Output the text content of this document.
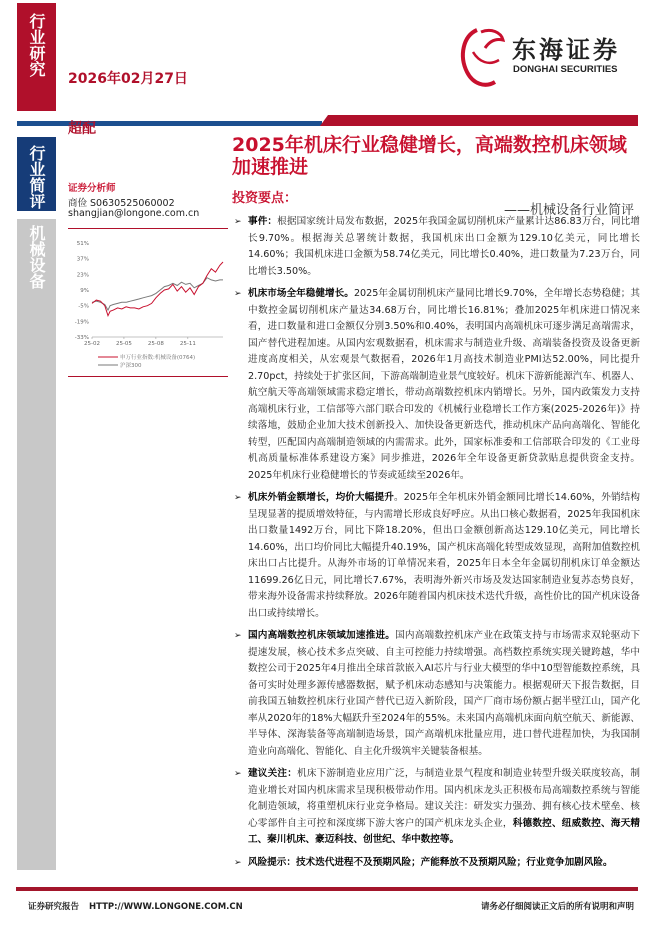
行业研究
行业简评
机械设备
2026年02月27日
东海证券
DONGHAI SECURITIES
超配
2025年机床行业稳健增长，高端数控机床领域加速推进
——机械设备行业简评
证券分析师
商俭 S0630525060002
shangjian@longone.com.cn
51%
37%
23%
9%
-5%
-19%
-33%
25-02	25-05	25-08	25-11
申万行业指数:机械设备(0764)
沪深300
投资要点：
➢ 事件：根据国家统计局发布数据，2025年我国金属切削机床产量累计达86.83万台，同比增长9.70%。根据海关总署统计数据，我国机床出口金额为129.10亿美元，同比增长14.60%；我国机床进口金额为58.74亿美元，同比增长0.40%，进口数量为7.23万台，同比增长3.50%。

➢ 机床市场全年稳健增长。2025年金属切削机床产量同比增长9.70%，全年增长态势稳健；其中数控金属切削机床产量达34.68万台，同比增长16.81%；叠加2025年机床进口情况来看，进口数量和进口金额仅分别3.50%和0.40%，表明国内高端机床可逐步满足高端需求，国产替代进程加速。从国内宏观数据看，机床需求与制造业升级、高端装备投资及设备更新进度高度相关，从宏观景气数据看，2026年1月高技术制造业PMI达52.00%，同比提升2.70pct，持续处于扩张区间，下游高端制造业景气度较好。机床下游新能源汽车、机器人、航空航天等高端领域需求稳定增长，带动高端数控机床内销增长。另外，国内政策发力支持高端机床行业，工信部等六部门联合印发的《机械行业稳增长工作方案(2025-2026年)》持续落地，鼓励企业加大技术创新投入、加快设备更新迭代，推动机床产品向高端化、智能化转型，匹配国内高端制造领域的内需需求。此外，国家标准委和工信部联合印发的《工业母机高质量标准体系建设方案》同步推进，2026年全年设备更新贷款贴息提供资金支持。2025年机床行业稳健增长的节奏或延续至2026年。

➢ 机床外销金额增长，均价大幅提升。2025年全年机床外销金额同比增长14.60%，外销结构呈现显著的提质增效特征，与内需增长形成良好呼应。从出口核心数据看，2025年我国机床出口数量1492万台，同比下降18.20%，但出口金额创新高达129.10亿美元，同比增长14.60%，出口均价同比大幅提升40.19%，国产机床高端化转型成效显现，高附加值数控机床出口占比提升。从海外市场的订单情况来看，2025年日本全年金属切削机床订单金额达11699.26亿日元，同比增长7.67%，表明海外新兴市场及发达国家制造业复苏态势良好，带来海外设备需求持续释放。2026年随着国内机床技术迭代升级，高性价比的国产机床设备出口或持续增长。

➢ 国内高端数控机床领域加速推进。国内高端数控机床产业在政策支持与市场需求双轮驱动下提速发展，核心技术多点突破、自主可控能力持续增强。高档数控系统实现关键跨越，华中数控公司于2025年4月推出全球首款嵌入AI芯片与行业大模型的华中10型智能数控系统，具备可实时处理多源传感器数据，赋予机床动态感知与决策能力。根据观研天下报告数据，目前我国五轴数控机床行业国产替代已迈入新阶段，国产厂商市场份额占据半壁江山，国产化率从2020年的18%大幅跃升至2024年的55%。未来国内高端机床面向航空航天、新能源、半导体、深海装备等高端制造场景，国产高端机床批量应用，进口替代进程加快，为我国制造业向高端化、智能化、自主化升级筑牢关键装备根基。

➢ 建议关注：机床下游制造业应用广泛，与制造业景气程度和制造业转型升级关联度较高，制造业增长对国内机床需求呈现积极带动作用。国内机床龙头正积极布局高端数控系统与智能化制造领域，将重塑机床行业竞争格局。建议关注：研发实力强劲、拥有核心技术壁垒、核心零部件自主可控和深度绑下游大客户的国产机床龙头企业，科德数控、纽威数控、海天精工、秦川机床、豪迈科技、创世纪、华中数控等。

➢ 风险提示：技术迭代进程不及预期风险；产能释放不及预期风险；行业竞争加剧风险。

证券研究报告 HTTP://WWW.LONGONE.COM.CN	请务必仔细阅读正文后的所有说明和声明
